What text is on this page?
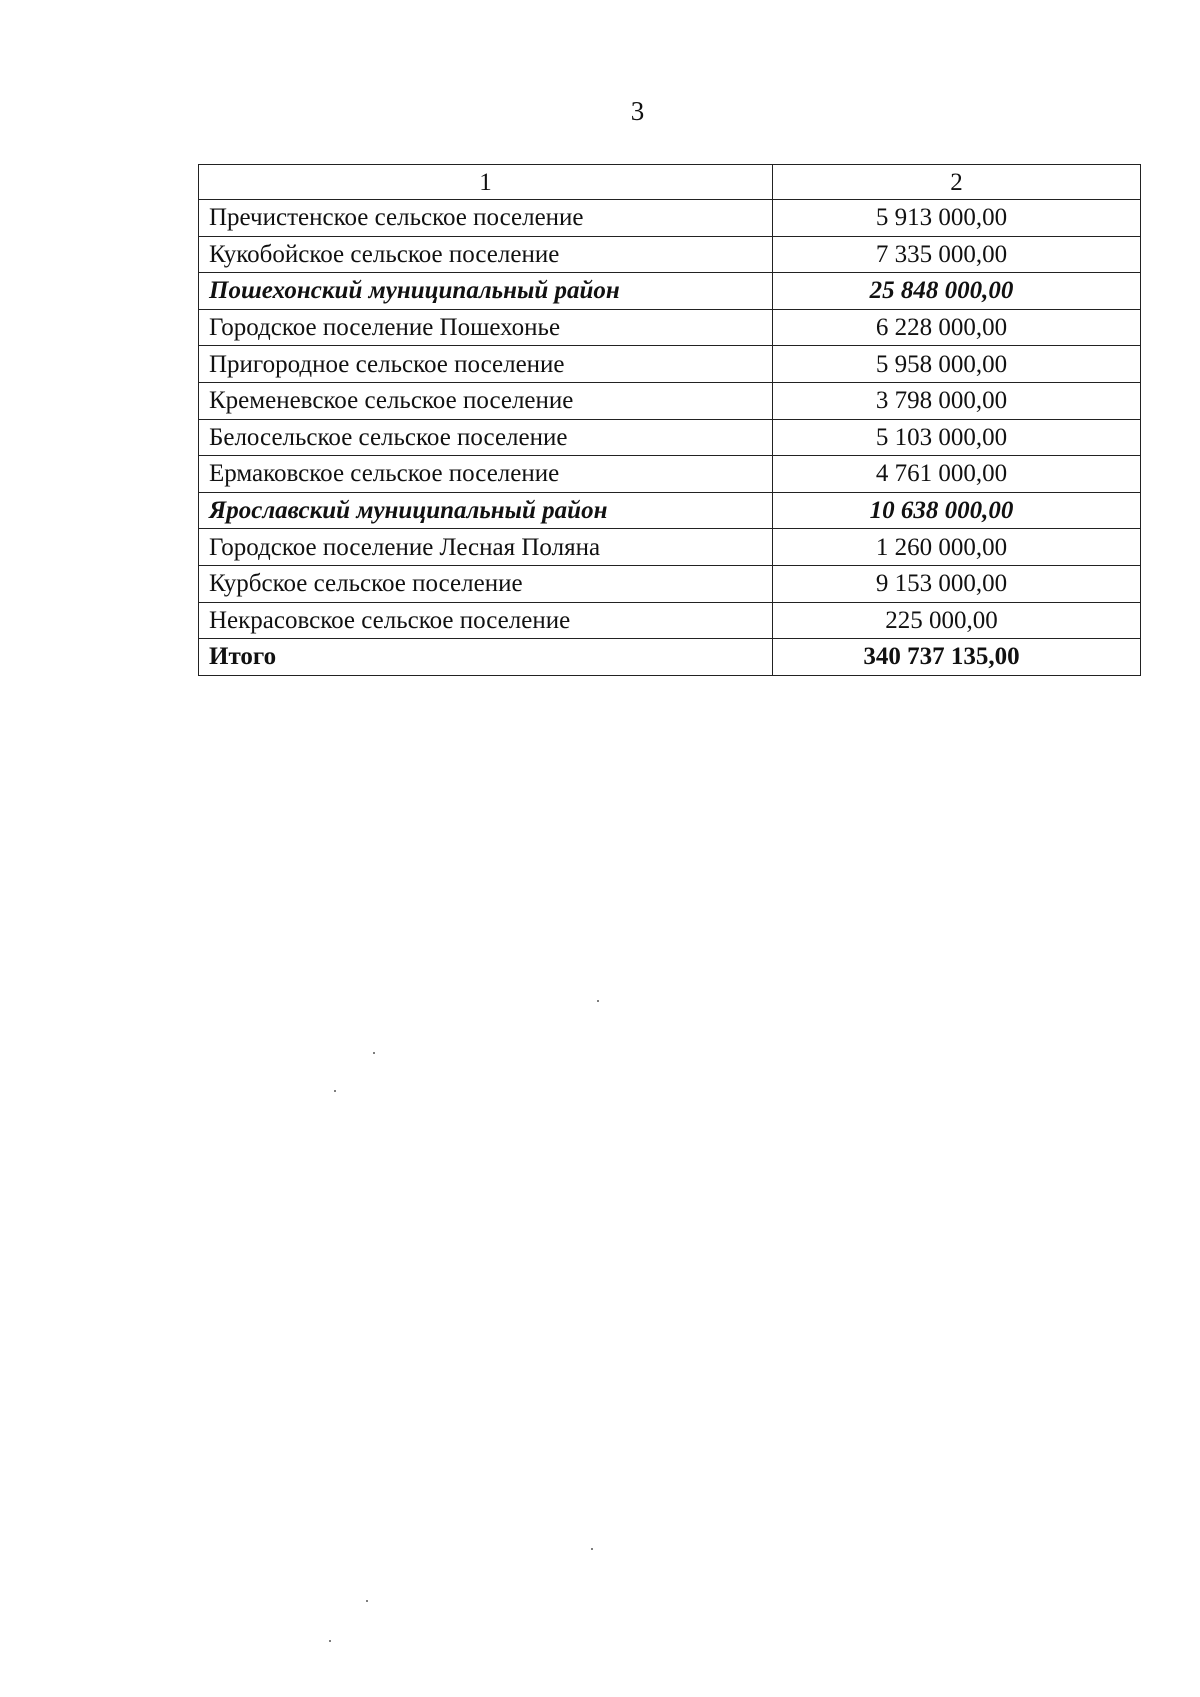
3
1	2
Пречистенское сельское поселение	5 913 000,00
Кукобойское сельское поселение	7 335 000,00
Пошехонский муниципальный район	25 848 000,00
Городское поселение Пошехонье	6 228 000,00
Пригородное сельское поселение	5 958 000,00
Кременевское сельское поселение	3 798 000,00
Белосельское сельское поселение	5 103 000,00
Ермаковское сельское поселение	4 761 000,00
Ярославский муниципальный район	10 638 000,00
Городское поселение Лесная Поляна	1 260 000,00
Курбское сельское поселение	9 153 000,00
Некрасовское сельское поселение	225 000,00
Итого	340 737 135,00
